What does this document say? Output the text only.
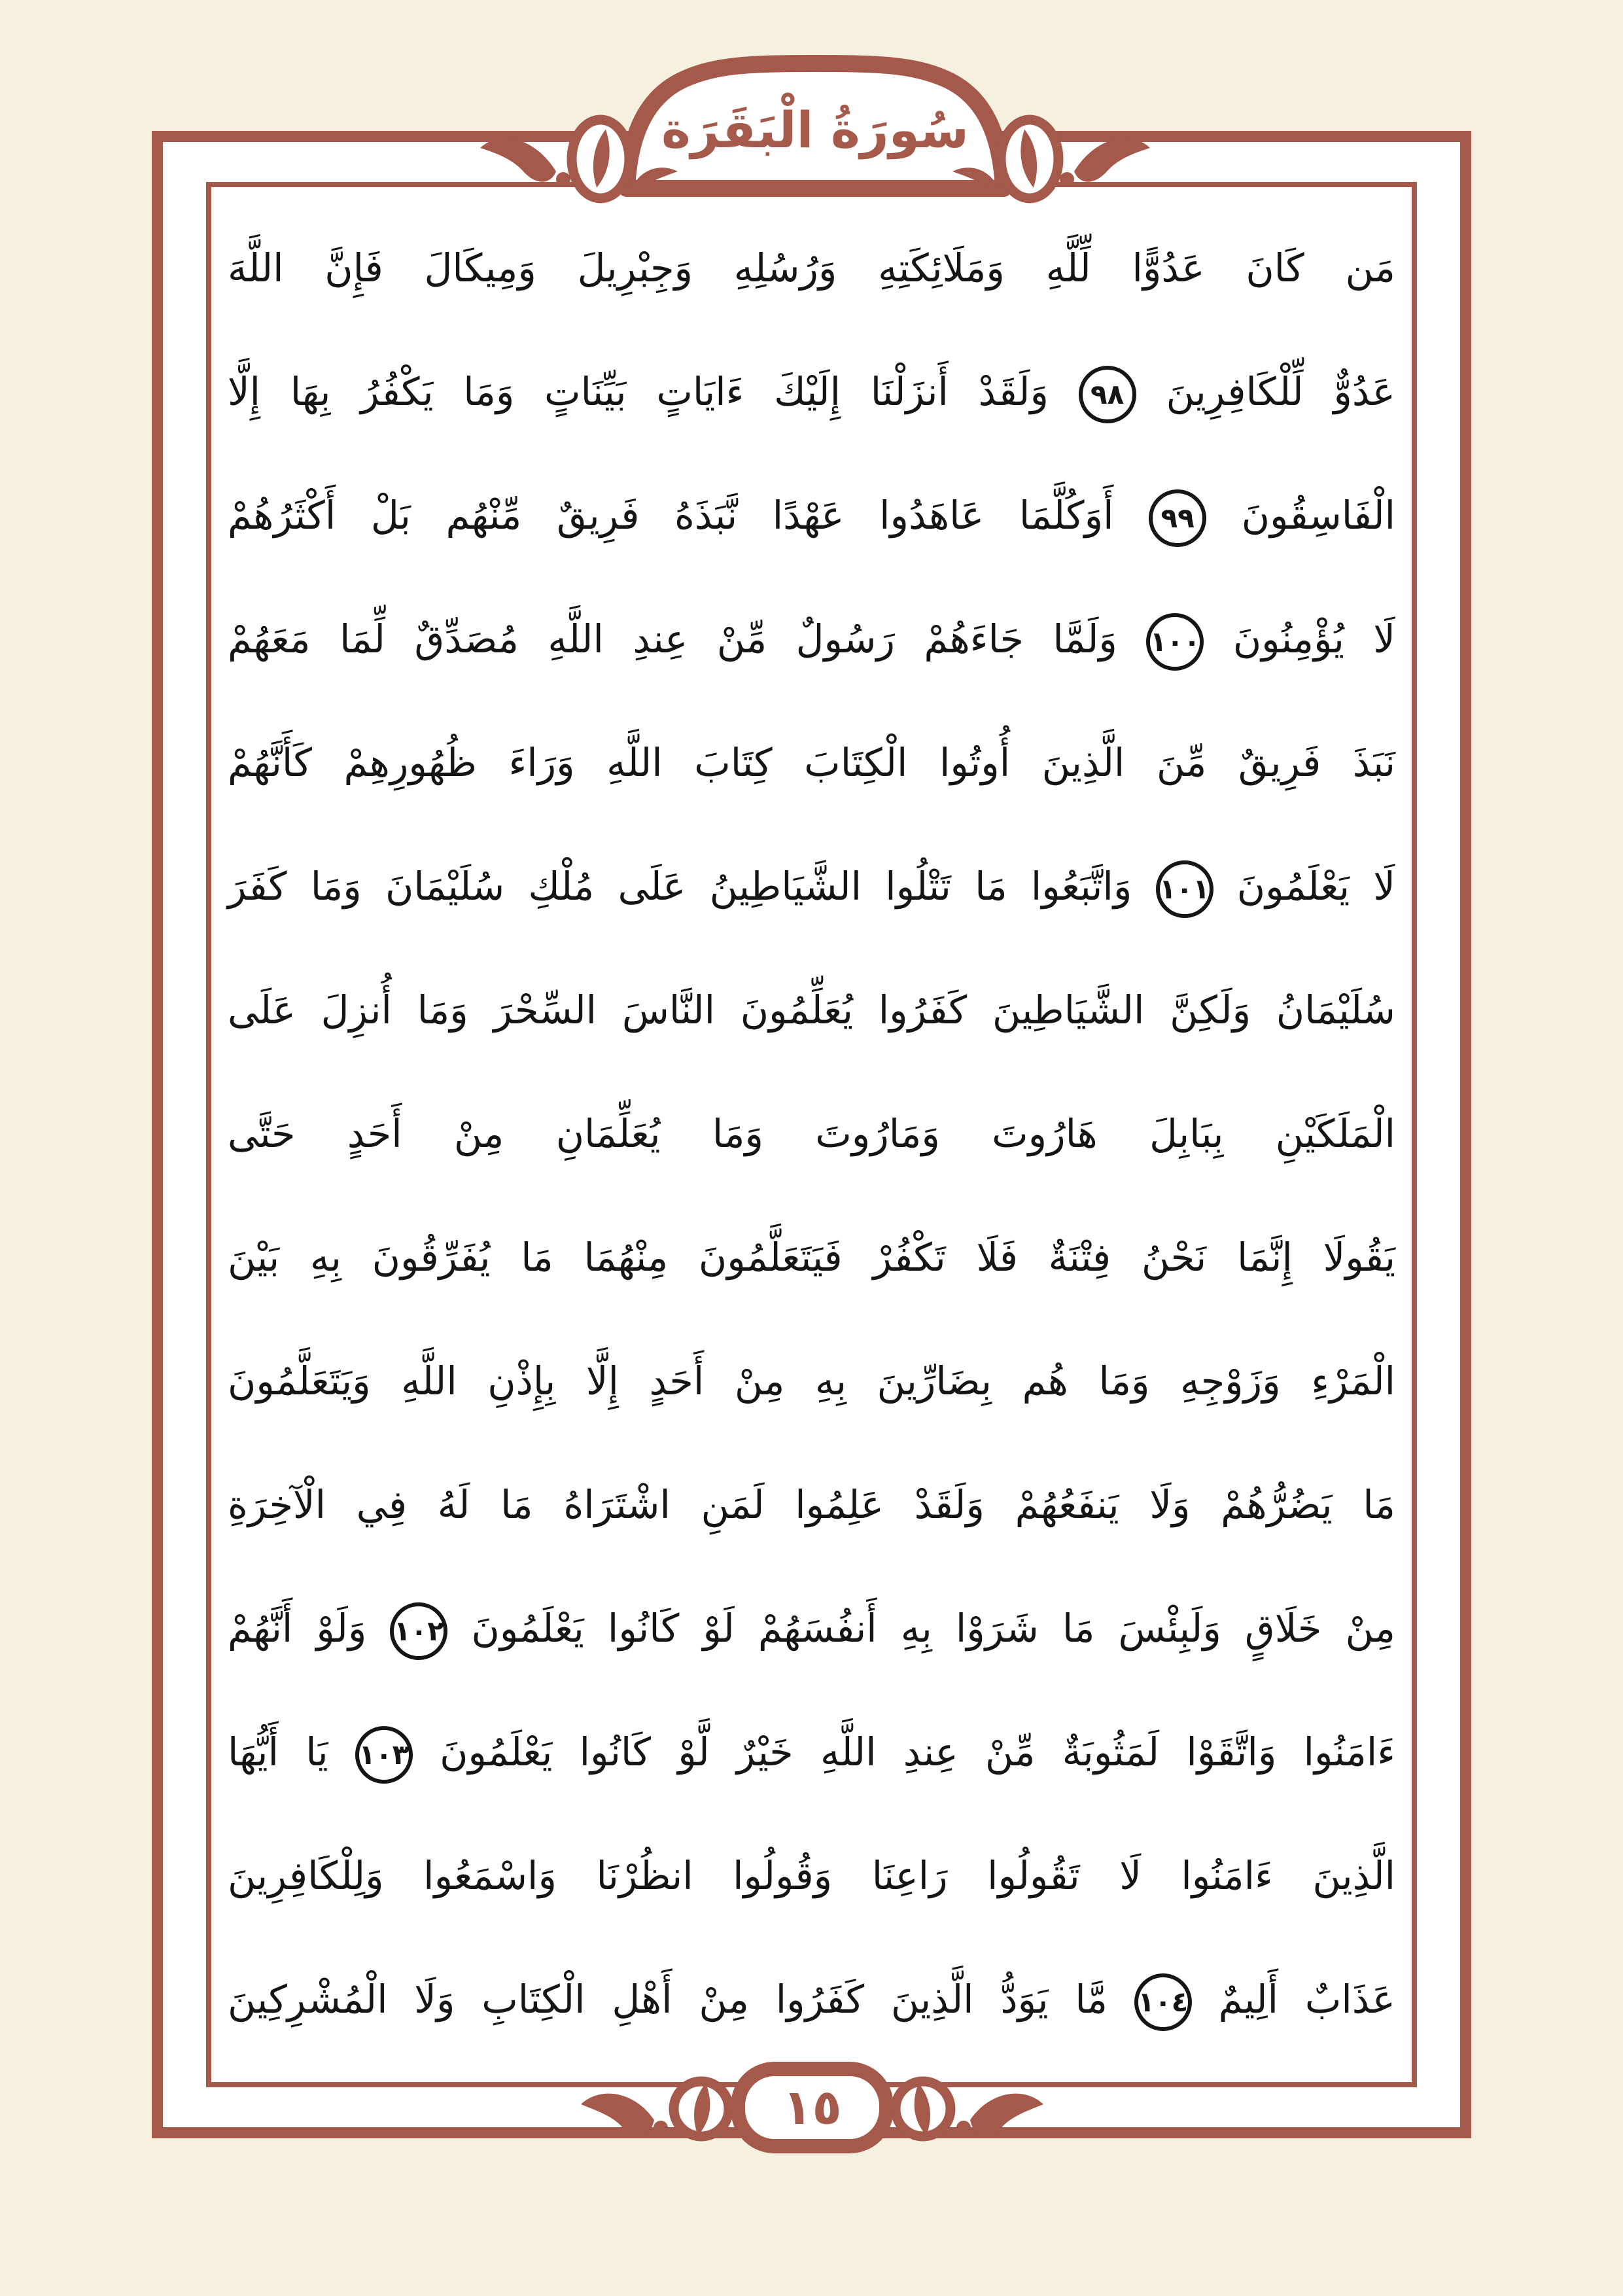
سُورَةُ الْبَقَرَة
١٥
مَن كَانَ عَدُوًّا لِّلَّهِ وَمَلَائِكَتِهِ وَرُسُلِهِ وَجِبْرِيلَ وَمِيكَالَ فَإِنَّ اللَّهَ
عَدُوٌّ لِّلْكَافِرِينَ ٩٨ وَلَقَدْ أَنزَلْنَا إِلَيْكَ ءَايَاتٍ بَيِّنَاتٍ وَمَا يَكْفُرُ بِهَا إِلَّا
الْفَاسِقُونَ ٩٩ أَوَكُلَّمَا عَاهَدُوا عَهْدًا نَّبَذَهُ فَرِيقٌ مِّنْهُم بَلْ أَكْثَرُهُمْ
لَا يُؤْمِنُونَ ١٠٠ وَلَمَّا جَاءَهُمْ رَسُولٌ مِّنْ عِندِ اللَّهِ مُصَدِّقٌ لِّمَا مَعَهُمْ
نَبَذَ فَرِيقٌ مِّنَ الَّذِينَ أُوتُوا الْكِتَابَ كِتَابَ اللَّهِ وَرَاءَ ظُهُورِهِمْ كَأَنَّهُمْ
لَا يَعْلَمُونَ ١٠١ وَاتَّبَعُوا مَا تَتْلُوا الشَّيَاطِينُ عَلَى مُلْكِ سُلَيْمَانَ وَمَا كَفَرَ
سُلَيْمَانُ وَلَكِنَّ الشَّيَاطِينَ كَفَرُوا يُعَلِّمُونَ النَّاسَ السِّحْرَ وَمَا أُنزِلَ عَلَى
الْمَلَكَيْنِ بِبَابِلَ هَارُوتَ وَمَارُوتَ وَمَا يُعَلِّمَانِ مِنْ أَحَدٍ حَتَّى
يَقُولَا إِنَّمَا نَحْنُ فِتْنَةٌ فَلَا تَكْفُرْ فَيَتَعَلَّمُونَ مِنْهُمَا مَا يُفَرِّقُونَ بِهِ بَيْنَ
الْمَرْءِ وَزَوْجِهِ وَمَا هُم بِضَارِّينَ بِهِ مِنْ أَحَدٍ إِلَّا بِإِذْنِ اللَّهِ وَيَتَعَلَّمُونَ
مَا يَضُرُّهُمْ وَلَا يَنفَعُهُمْ وَلَقَدْ عَلِمُوا لَمَنِ اشْتَرَاهُ مَا لَهُ فِي الْآخِرَةِ
مِنْ خَلَاقٍ وَلَبِئْسَ مَا شَرَوْا بِهِ أَنفُسَهُمْ لَوْ كَانُوا يَعْلَمُونَ ١٠٢ وَلَوْ أَنَّهُمْ
ءَامَنُوا وَاتَّقَوْا لَمَثُوبَةٌ مِّنْ عِندِ اللَّهِ خَيْرٌ لَّوْ كَانُوا يَعْلَمُونَ ١٠٣ يَا أَيُّهَا
الَّذِينَ ءَامَنُوا لَا تَقُولُوا رَاعِنَا وَقُولُوا انظُرْنَا وَاسْمَعُوا وَلِلْكَافِرِينَ
عَذَابٌ أَلِيمٌ ١٠٤ مَّا يَوَدُّ الَّذِينَ كَفَرُوا مِنْ أَهْلِ الْكِتَابِ وَلَا الْمُشْرِكِينَ
